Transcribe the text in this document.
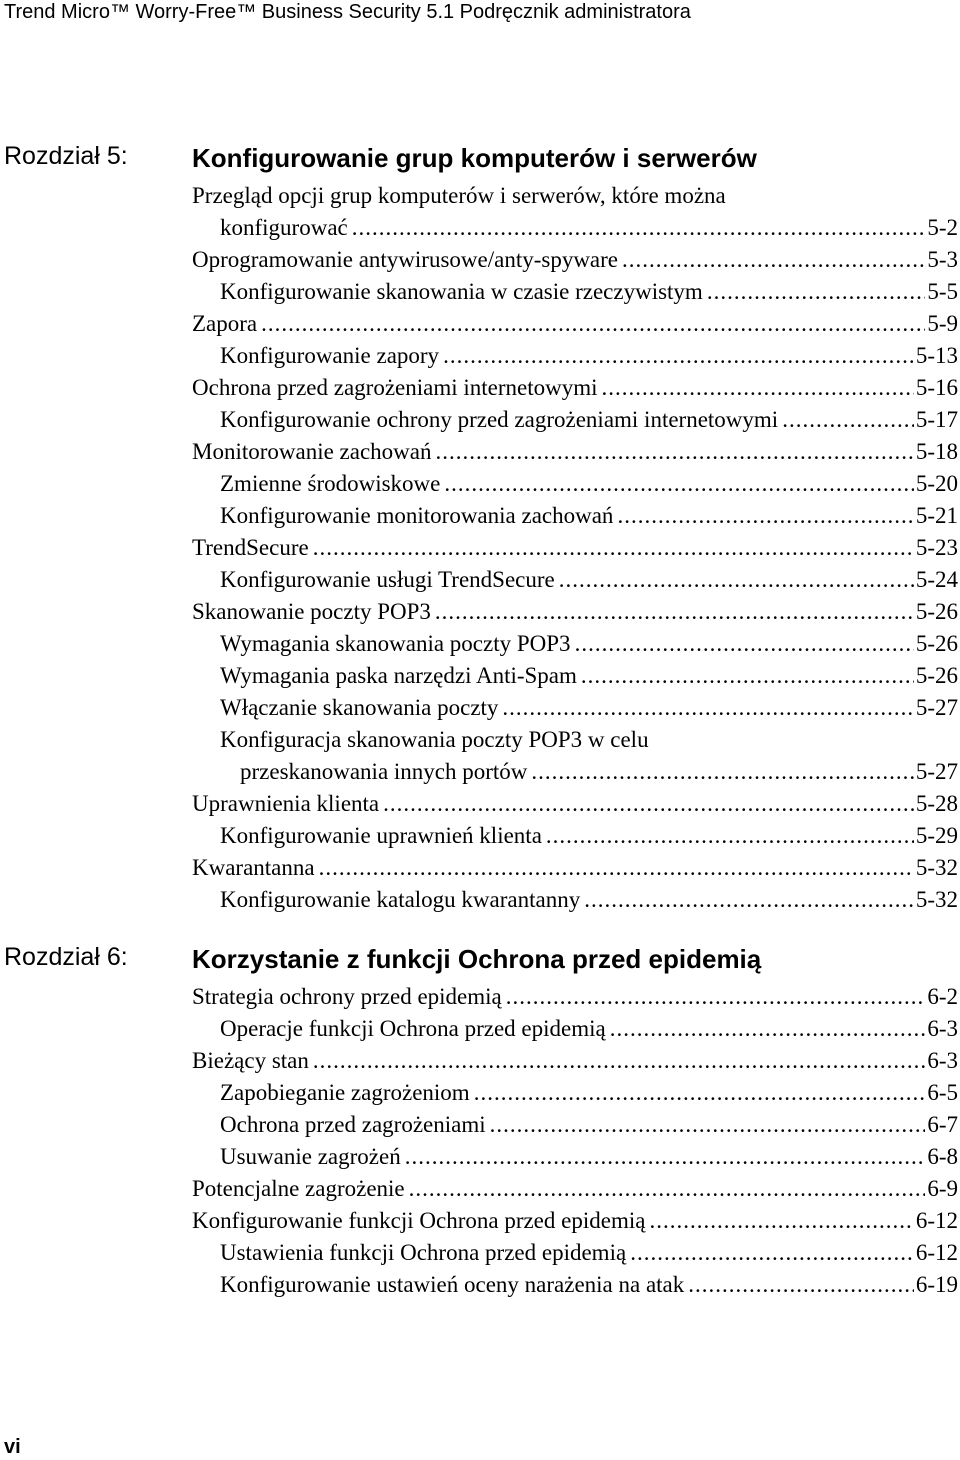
Trend Micro™ Worry-Free™ Business Security 5.1 Podręcznik administratora
Rozdział 5: Konfigurowanie grup komputerów i serwerów
Przegląd opcji grup komputerów i serwerów, które można
konfigurować .....	5-2
Oprogramowanie antywirusowe/anty-spyware .....	5-3
Konfigurowanie skanowania w czasie rzeczywistym .....	5-5
Zapora .....	5-9
Konfigurowanie zapory .....	5-13
Ochrona przed zagrożeniami internetowymi .....	5-16
Konfigurowanie ochrony przed zagrożeniami internetowymi .....	5-17
Monitorowanie zachowań .....	5-18
Zmienne środowiskowe .....	5-20
Konfigurowanie monitorowania zachowań .....	5-21
TrendSecure .....	5-23
Konfigurowanie usługi TrendSecure .....	5-24
Skanowanie poczty POP3 .....	5-26
Wymagania skanowania poczty POP3 .....	5-26
Wymagania paska narzędzi Anti-Spam .....	5-26
Włączanie skanowania poczty .....	5-27
Konfiguracja skanowania poczty POP3 w celu
przeskanowania innych portów .....	5-27
Uprawnienia klienta .....	5-28
Konfigurowanie uprawnień klienta .....	5-29
Kwarantanna .....	5-32
Konfigurowanie katalogu kwarantanny .....	5-32
Rozdział 6: Korzystanie z funkcji Ochrona przed epidemią
Strategia ochrony przed epidemią .....	6-2
Operacje funkcji Ochrona przed epidemią .....	6-3
Bieżący stan .....	6-3
Zapobieganie zagrożeniom .....	6-5
Ochrona przed zagrożeniami .....	6-7
Usuwanie zagrożeń .....	6-8
Potencjalne zagrożenie .....	6-9
Konfigurowanie funkcji Ochrona przed epidemią .....	6-12
Ustawienia funkcji Ochrona przed epidemią .....	6-12
Konfigurowanie ustawień oceny narażenia na atak .....	6-19
vi
